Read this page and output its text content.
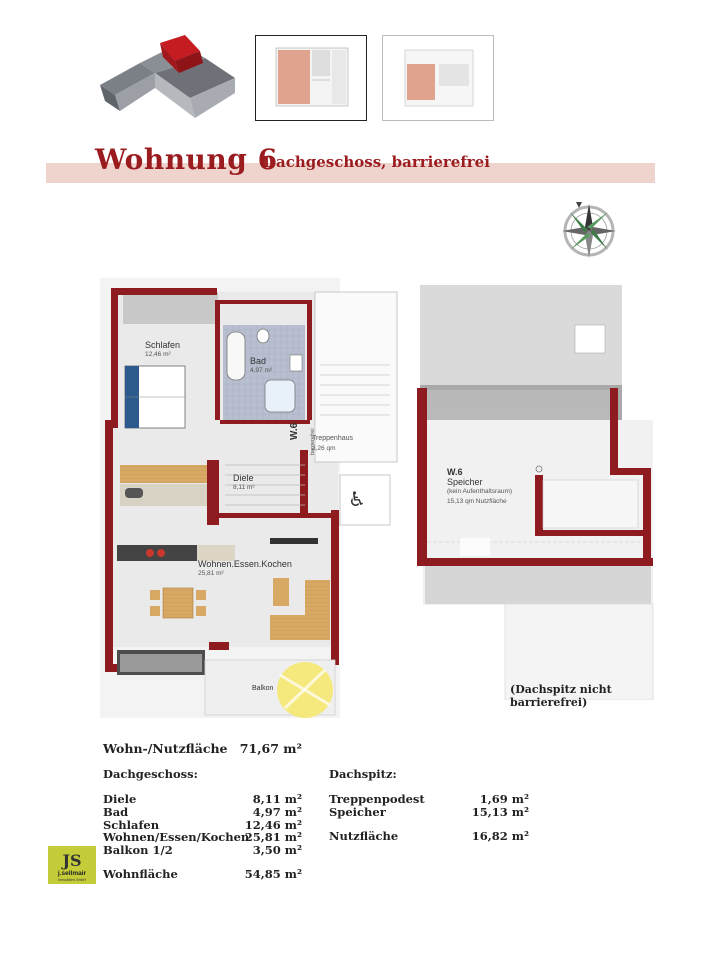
Wohnung 6
Dachgeschoss, barrierefrei
♿
Schlafen
12,46 m²
Bad
4,97 m²
Diele
8,11 m²
Wohnen.Essen.Kochen
25,81 m²
Balkon
Treppenhaus
3,26 qm
W.6	barrierefrei
W.6
Speicher
(kein Aufenthaltsraum)
15,13 qm Nutzfläche
(Dachspitz nicht
barrierefrei)
Wohn-/Nutzfläche 71,67 m²
Dachgeschoss:
Diele	8,11 m²
Bad	4,97 m²
Schlafen	12,46 m²
Wohnen/Essen/Kochen
25,81 m²
Balkon 1/2	3,50 m²
Wohnfläche	54,85 m²
Dachspitz:
Treppenpodest	1,69 m²
Speicher	15,13 m²
Nutzfläche	16,82 m²
JS
j.sellmair
Immobilien GmbH
